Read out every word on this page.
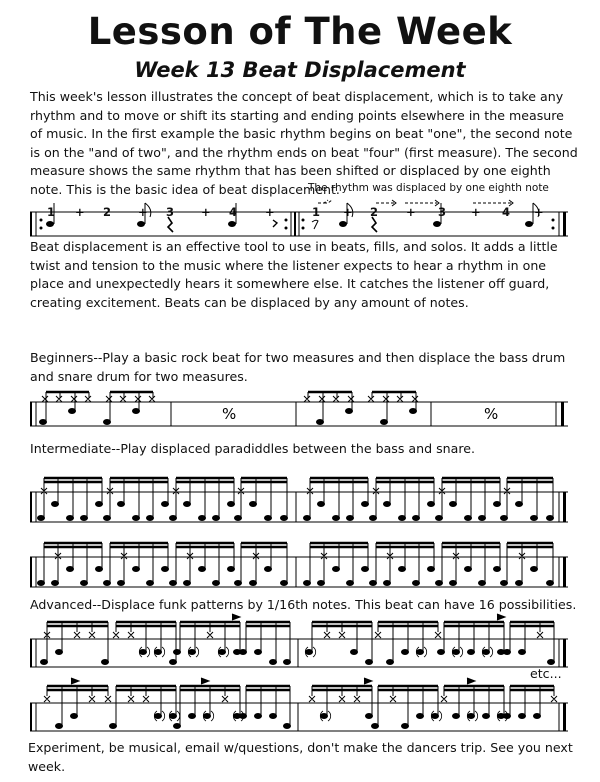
Lesson of The Week
Week 13 Beat Displacement
This week's lesson illustrates the concept of beat displacement, which is to take any rhythm and to move or shift its starting and ending points elsewhere in the measure of music. In the first example the basic rhythm begins on beat "one", the second note is on the "and of two", and the rhythm ends on beat "four" (first measure). The second measure shows the same rhythm that has been shifted or displaced by one eighth note. This is the basic idea of beat displacement.
The rhythm was displaced by one eighth note
1 + 2 + 3 + 4 +	1 + 2 + 3 + 4 +
Beat displacement is an effective tool to use in beats, fills, and solos. It adds a little twist and tension to the music where the listener expects to hear a rhythm in one place and unexpectedly hears it somewhere else. It catches the listener off guard, creating excitement. Beats can be displaced by any amount of notes.
Beginners--Play a basic rock beat for two measures and then displace the bass drum and snare drum for two measures.
%	%
Intermediate--Play displaced paradiddles between the bass and snare.
Advanced--Displace funk patterns by 1/16th notes. This beat can have 16 possibilities.
etc...
Experiment, be musical, email w/questions, don't make the dancers trip. See you next week.
